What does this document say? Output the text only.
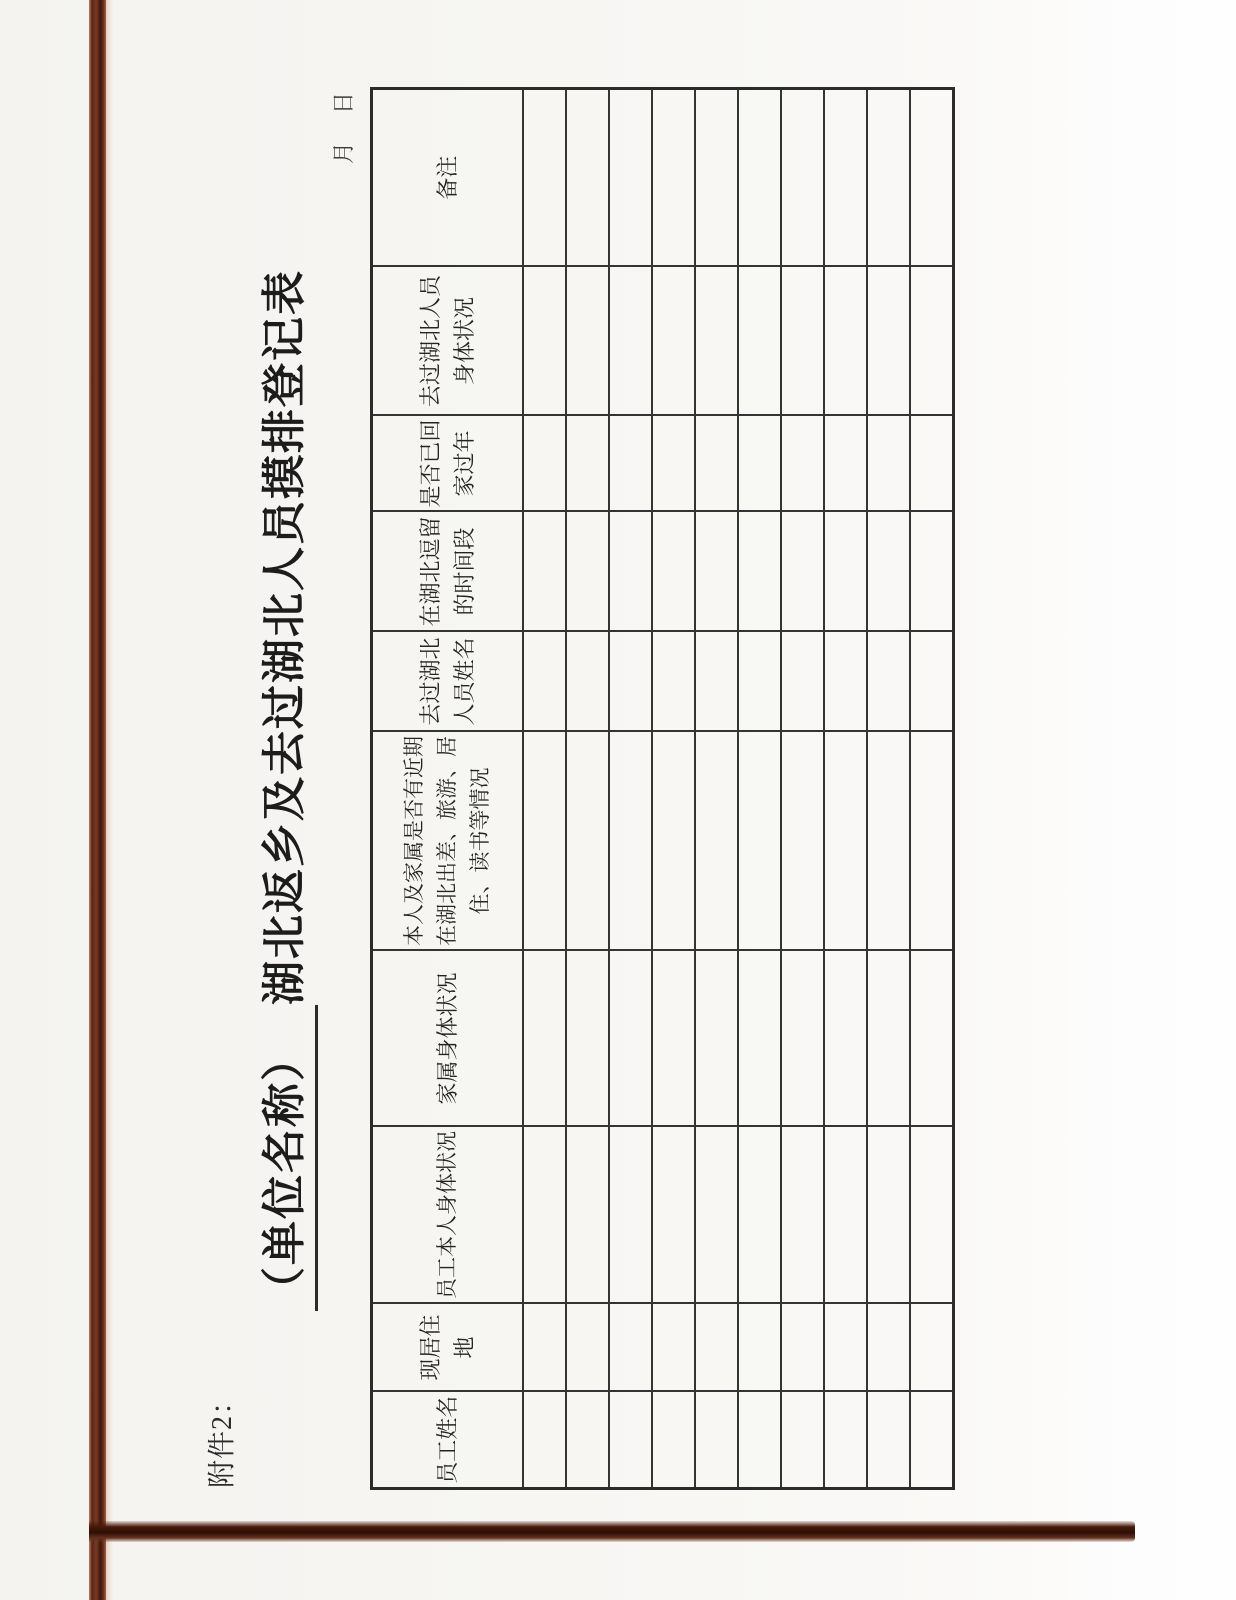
附件2：
（单位名称）湖北返乡及去过湖北人员摸排登记表
月
日
员工姓名	现居住地	员工本人身体状况	家属身体状况	本人及家属是否有近期在湖北出差、旅游、居住、读书等情况	去过湖北人员姓名	在湖北逗留的时间段	是否已回家过年	去过湖北人员身体状况	备注
